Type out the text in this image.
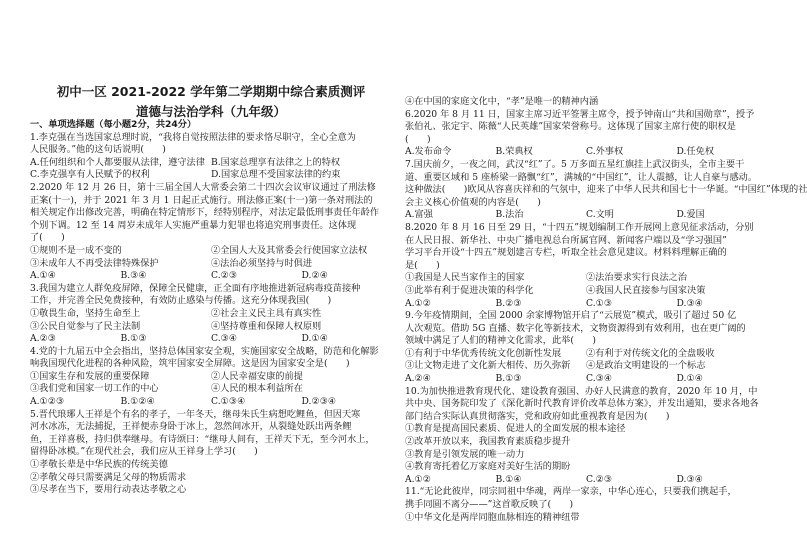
初中一区 2021-2022 学年第二学期期中综合素质测评
道德与法治学科（九年级）
一、单项选择题（每小题2分，共24分）
1.李克强在当选国家总理时说，“我将自觉按照法律的要求恪尽职守，全心全意为
人民服务。”他的这句话说明(　　)
A.任何组织和个人都要服从法律，遵守法律 B.国家总理享有法律之上的特权
C.李克强享有人民赋予的权利	D.国家总理不受国家法律的约束
2.2020 年 12 月 26 日，第十三届全国人大常委会第二十四次会议审议通过了刑法修
正案(十一)，并于 2021 年 3 月 1 日起正式施行。刑法修正案(十一)第一条对刑法的
相关规定作出修改完善，明确在特定情形下，经特别程序，对法定最低刑事责任年龄作
个别下调。12 至 14 周岁未成年人实施严重暴力犯罪也将追究刑事责任。这体现
了(　　)
①规则不是一成不变的	②全国人大及其常委会行使国家立法权
③未成年人不再受法律特殊保护	④法治必须坚持与时俱进
A.①④	B.③④	C.②③	D.②④
3.我国为建立人群免疫屏障，保障全民健康，正全面有序地推进新冠病毒疫苗接种
工作，并完善全民免费接种，有效防止感染与传播。这充分体现我国(　　)
①敬畏生命，坚持生命至上	②社会主义民主具有真实性
③公民自觉参与了民主法制	④坚持尊重和保障人权原则
A.②③	B.①③	C.③④	D.①④
4.党的十九届五中全会指出，坚持总体国家安全观，实施国家安全战略，防范和化解影
响我国现代化进程的各种风险，筑牢国家安全屏障。这是因为国家安全是(　　)
①国家生存和发展的重要保障	②人民幸福安康的前提
③我们党和国家一切工作的中心	④人民的根本利益所在
A.①②③	B.①②④	C.①③④	D.②③④
5.晋代琅琊人王祥是个有名的孝子，一年冬天，继母朱氏生病想吃鲤鱼，但因天寒
河水冰冻，无法捕捉，王祥便赤身卧于冰上，忽然间冰开，从裂缝处跃出两条鲤
鱼，王祥喜极，持归供奉继母。有诗颂曰：“继母人间有，王祥天下无，至今河水上，
留得卧冰模。”在现代社会，我们应从王祥身上学习(　　)
①孝敬长辈是中华民族的传统美德
②孝敬父母只需要满足父母的物质需求
③尽孝在当下，要用行动表达孝敬之心
④在中国的家庭文化中，“孝”是唯一的精神内涵
6.2020 年 8 月 11 日，国家主席习近平签署主席令，授予钟南山“共和国勋章”，授予
张伯礼、张定宇、陈薇“人民英雄”国家荣誉称号。这体现了国家主席行使的职权是
(　　)
A.发布命令	B.荣典权	C.外事权	D.任免权
7.国庆前夕，一夜之间，武汉“红”了。5 万多面五星红旗挂上武汉街头，全市主要干
道、重要区域和 5 座桥梁一路飘“红”，满城的“中国红”，让人震撼，让人自豪与感动。
这种做法(　　)欧风从容喜庆祥和的气氛中，迎来了中华人民共和国七十一华诞。“中国红”体现的社
会主义核心价值观的内容是(　　)
A.富强	B.法治	C.文明	D.爱国
8.2020 年 8 月 16 日至 29 日，“十四五”规划编制工作开展网上意见征求活动，分别
在人民日报、新华社、中央广播电视总台所属官网、新闻客户端以及“学习强国”
学习平台开设“十四五”规划建言专栏，听取全社会意见建议。材料料理解正确的
是(　　)
①我国是人民当家作主的国家	②法治要求实行良法之治
③此举有利于促进决策的科学化	④我国人民直接参与国家决策
A.①②	B.②③	C.①③	D.③④
9.今年疫情期间，全国 2000 余家博物馆开启了“云展览”模式，吸引了超过 50 亿
人次观览。借助 5G 直播、数字化等新技术，文物资源得到有效利用，也在更广阔的
领域中满足了人们的精神文化需求，此举(　　)
①有利于中华优秀传统文化创新性发展	②有利于对传统文化的全盘吸收
③让文物走进了文化新大相传、历久弥新	④是政治文明建设的一个标志
A.②④	B.①③	C.③④	D.①④
10.为加快推进教育现代化、建设教育强国、办好人民满意的教育，2020 年 10 月，中
共中央、国务院印发了《深化新时代教育评价改革总体方案》，并发出通知，要求各地各
部门结合实际认真贯彻落实，党和政府如此重视教育是因为(　　)
①教育是提高国民素质、促进人的全面发展的根本途径
②改革开放以来，我国教育素质稳步提升
③教育是引领发展的唯一动力
④教育寄托着亿万家庭对美好生活的期盼
A.①②	B.①④	C.②③	D.③④
11.“无论此彼岸，同宗同祖中华魂，两岸一家亲，中华心连心，只要我们携起手，
携手同圆不离分——”这首歌反映了(　　)
①中华文化是两岸同胞血脉相连的精神纽带
